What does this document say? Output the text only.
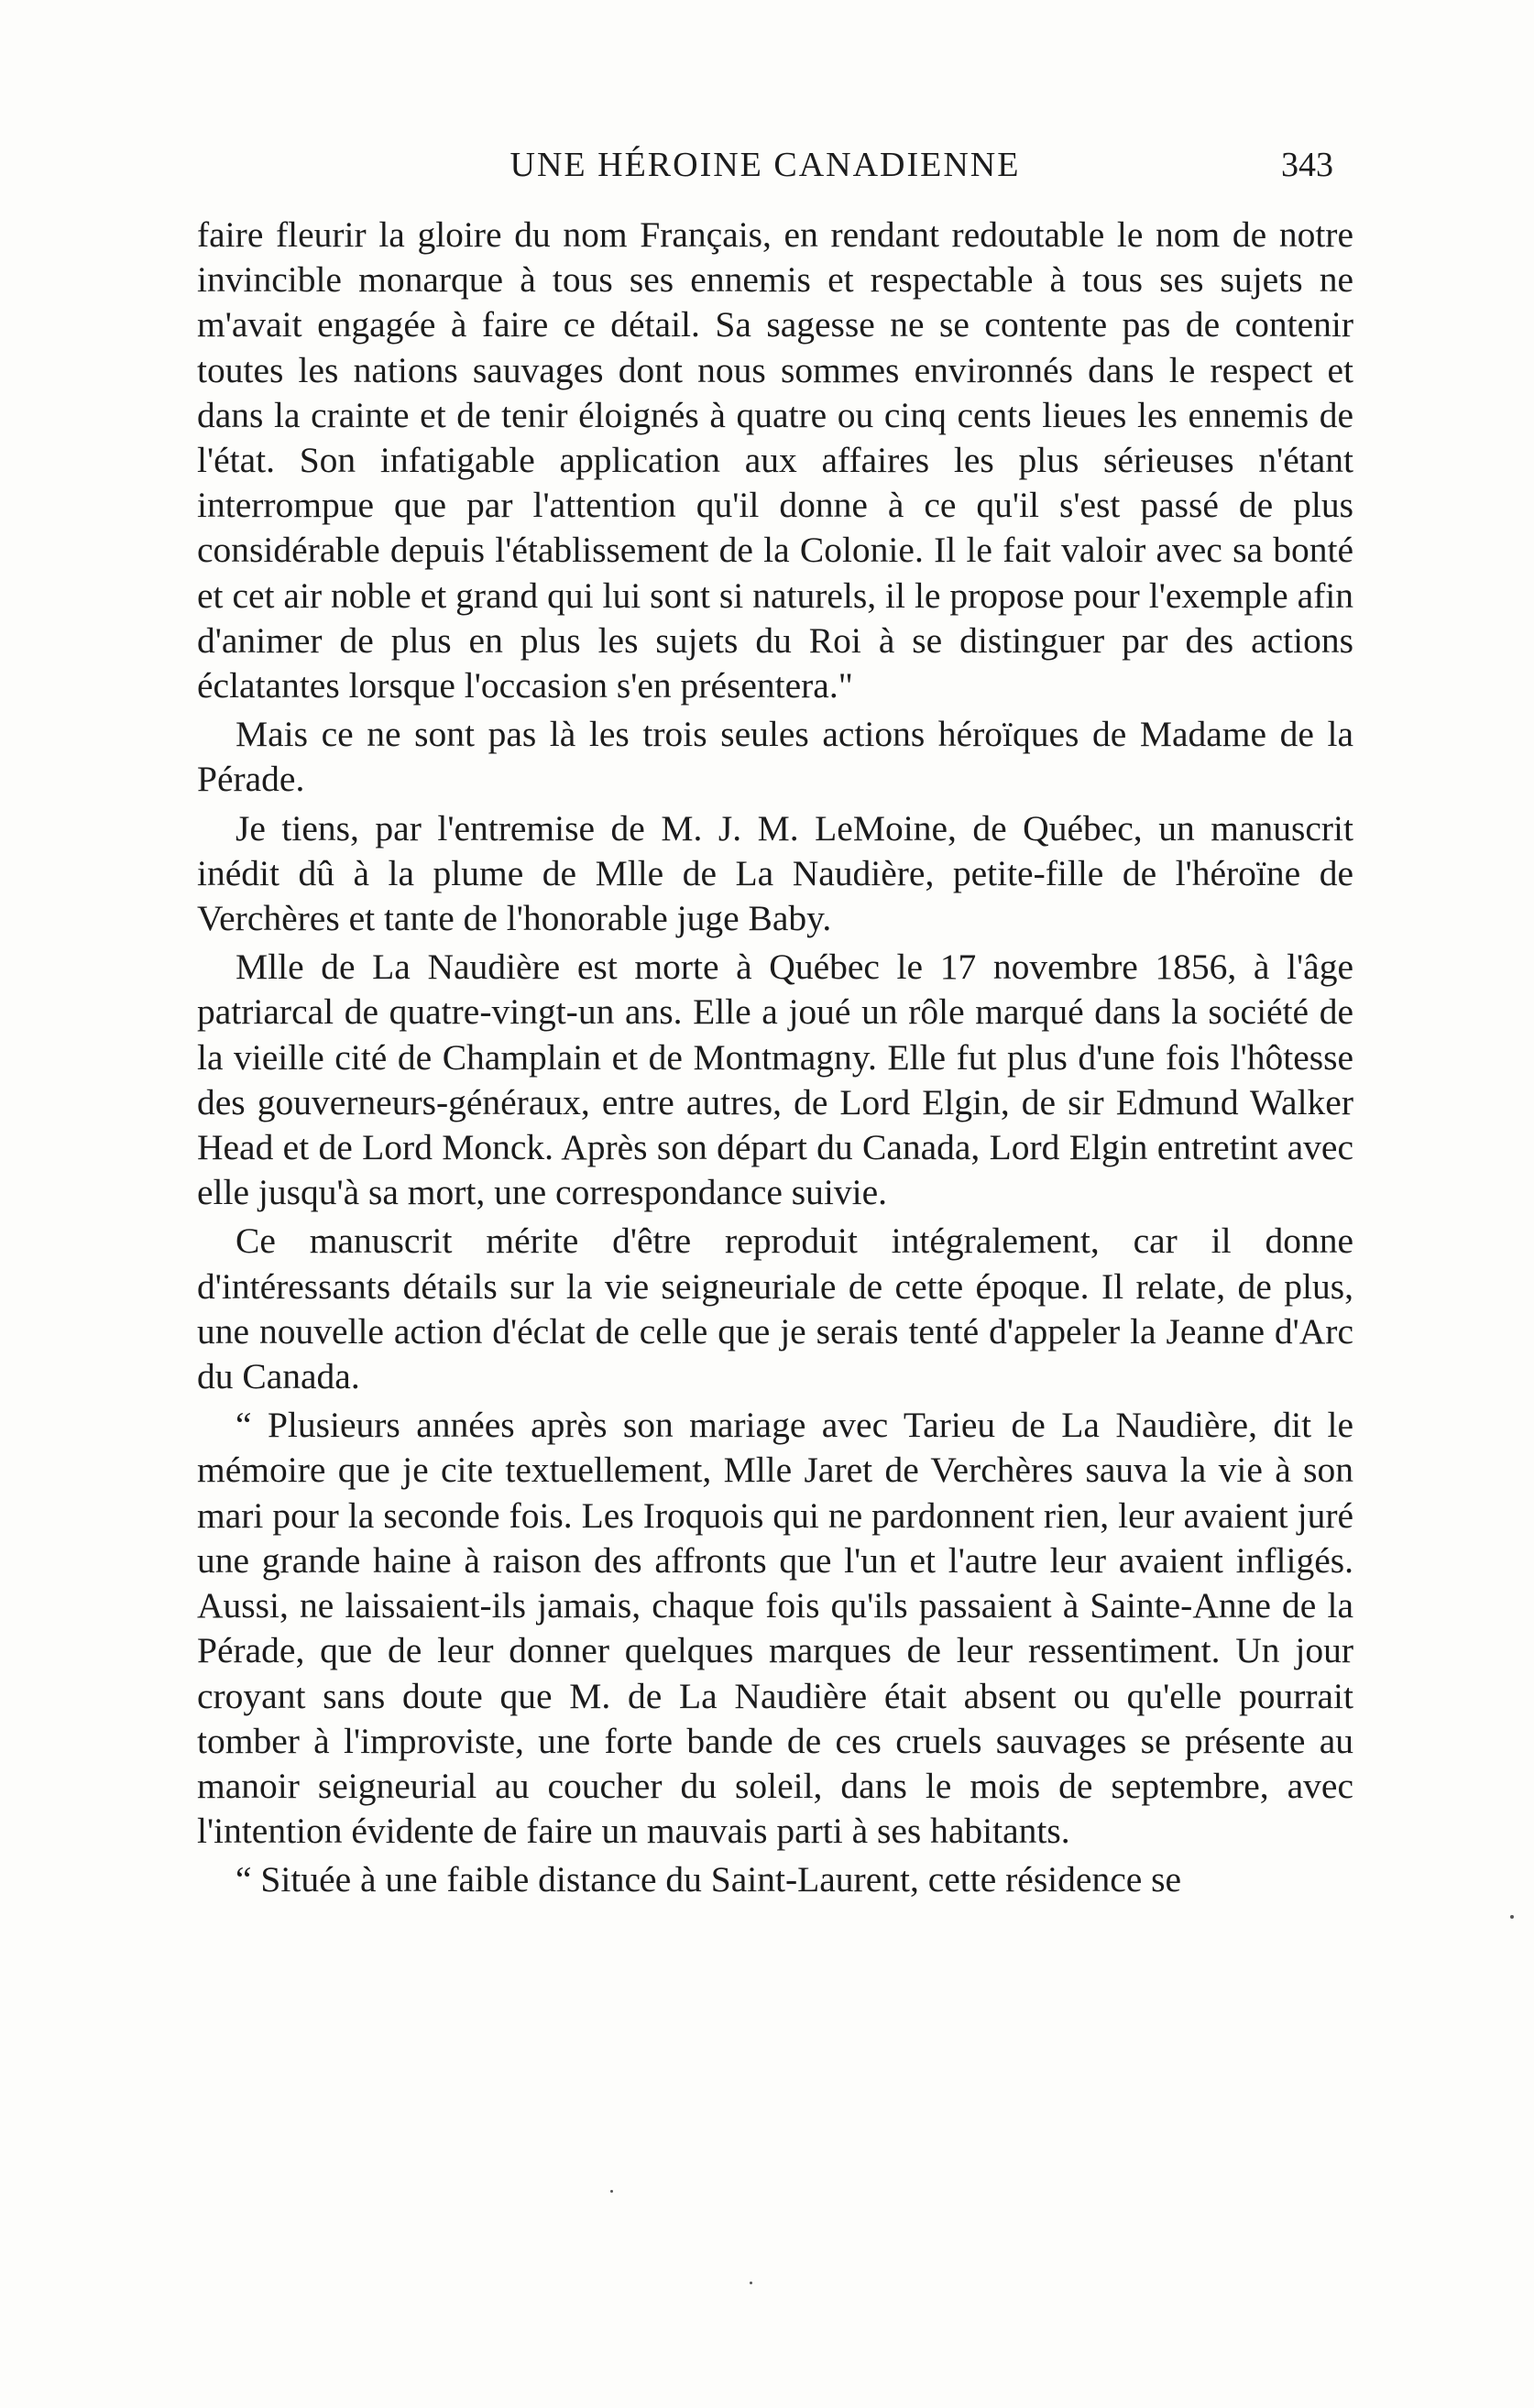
UNE HÉROINE CANADIENNE	343

faire fleurir la gloire du nom Français, en rendant redoutable le nom de notre invincible monarque à tous ses ennemis et respectable à tous ses sujets ne m'avait engagée à faire ce détail. Sa sagesse ne se contente pas de contenir toutes les nations sauvages dont nous sommes environnés dans le respect et dans la crainte et de tenir éloignés à quatre ou cinq cents lieues les ennemis de l'état. Son infatigable application aux affaires les plus sérieuses n'étant interrompue que par l'attention qu'il donne à ce qu'il s'est passé de plus considérable depuis l'établissement de la Colonie. Il le fait valoir avec sa bonté et cet air noble et grand qui lui sont si naturels, il le propose pour l'exemple afin d'animer de plus en plus les sujets du Roi à se distinguer par des actions éclatantes lorsque l'occasion s'en présentera."

Mais ce ne sont pas là les trois seules actions héroïques de Madame de la Pérade.

Je tiens, par l'entremise de M. J. M. LeMoine, de Québec, un manuscrit inédit dû à la plume de Mlle de La Naudière, petite-fille de l'héroïne de Verchères et tante de l'honorable juge Baby.

Mlle de La Naudière est morte à Québec le 17 novembre 1856, à l'âge patriarcal de quatre-vingt-un ans. Elle a joué un rôle marqué dans la société de la vieille cité de Champlain et de Montmagny. Elle fut plus d'une fois l'hôtesse des gouverneurs-généraux, entre autres, de Lord Elgin, de sir Edmund Walker Head et de Lord Monck. Après son départ du Canada, Lord Elgin entretint avec elle jusqu'à sa mort, une correspondance suivie.

Ce manuscrit mérite d'être reproduit intégralement, car il donne d'intéressants détails sur la vie seigneuriale de cette époque. Il relate, de plus, une nouvelle action d'éclat de celle que je serais tenté d'appeler la Jeanne d'Arc du Canada.

“ Plusieurs années après son mariage avec Tarieu de La Naudière, dit le mémoire que je cite textuellement, Mlle Jaret de Verchères sauva la vie à son mari pour la seconde fois. Les Iroquois qui ne pardonnent rien, leur avaient juré une grande haine à raison des affronts que l'un et l'autre leur avaient infligés. Aussi, ne laissaient-ils jamais, chaque fois qu'ils passaient à Sainte-Anne de la Pérade, que de leur donner quelques marques de leur ressentiment. Un jour croyant sans doute que M. de La Naudière était absent ou qu'elle pourrait tomber à l'improviste, une forte bande de ces cruels sauvages se présente au manoir seigneurial au coucher du soleil, dans le mois de septembre, avec l'intention évidente de faire un mauvais parti à ses habitants.

“ Située à une faible distance du Saint-Laurent, cette résidence se
